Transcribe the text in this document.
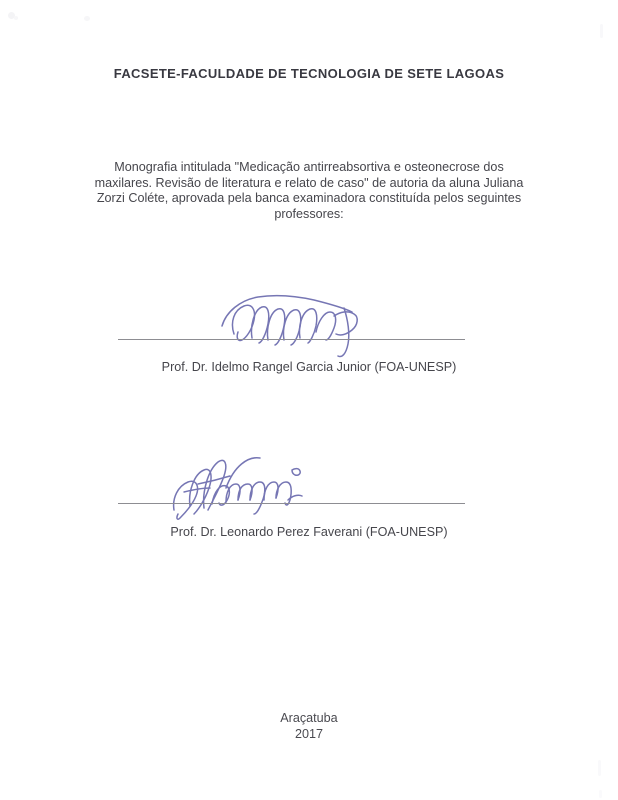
FACSETE-FACULDADE DE TECNOLOGIA DE SETE LAGOAS
Monografia intitulada "Medicação antirreabsortiva e osteonecrose dos maxilares. Revisão de literatura e relato de caso" de autoria da aluna Juliana Zorzi Coléte, aprovada pela banca examinadora constituída pelos seguintes professores:
Prof. Dr. Idelmo Rangel Garcia Junior (FOA-UNESP)
Prof. Dr. Leonardo Perez Faverani (FOA-UNESP)
Araçatuba
2017
